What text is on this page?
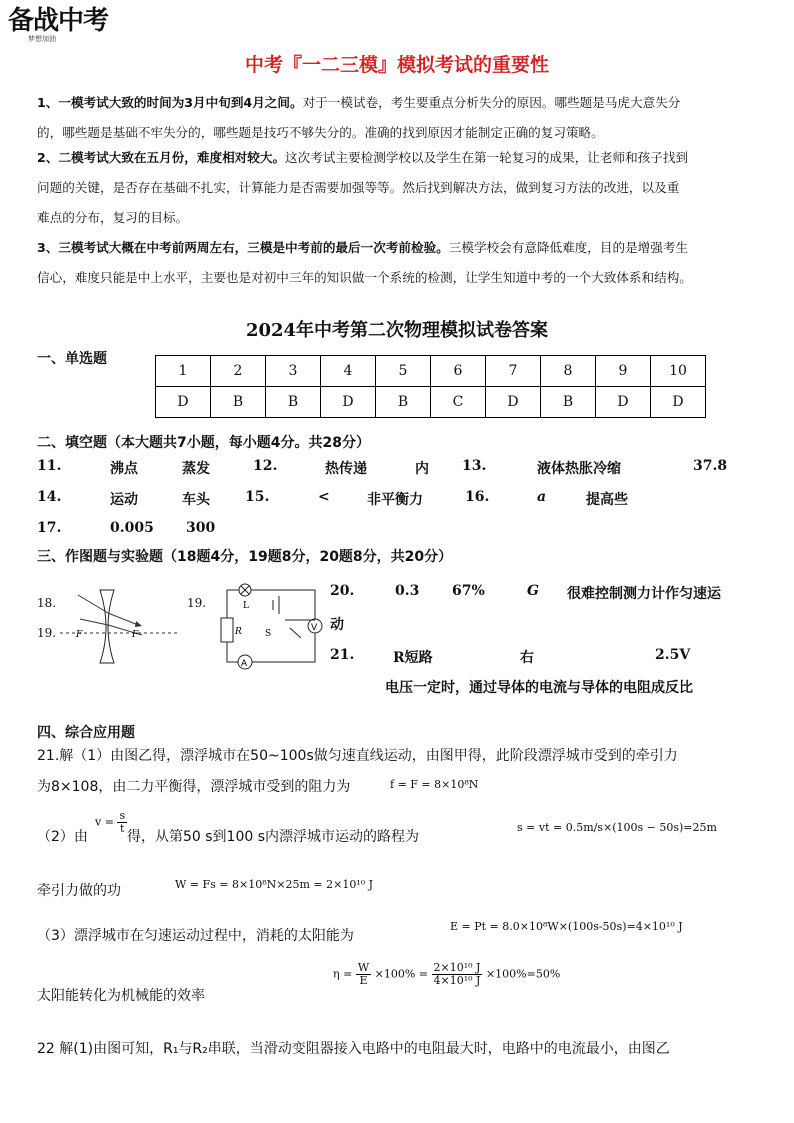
备战中考
梦想加油
中考『一二三模』模拟考试的重要性

1、一模考试大致的时间为3月中旬到4月之间。对于一模试卷，考生要重点分析失分的原因。哪些题是马虎大意失分

的，哪些题是基础不牢失分的，哪些题是技巧不够失分的。准确的找到原因才能制定正确的复习策略。

2、二模考试大致在五月份，难度相对较大。这次考试主要检测学校以及学生在第一轮复习的成果，让老师和孩子找到

问题的关键，是否存在基础不扎实，计算能力是否需要加强等等。然后找到解决方法，做到复习方法的改进，以及重

难点的分布，复习的目标。

3、三模考试大概在中考前两周左右，三模是中考前的最后一次考前检验。三模学校会有意降低难度，目的是增强考生

信心，难度只能是中上水平，主要也是对初中三年的知识做一个系统的检测，让学生知道中考的一个大致体系和结构。

2024年中考第二次物理模拟试卷答案
一、单选题
1	2	3	4	5	6	7	8	9	10
D	B	B	D	B	C	D	B	D	D
二、填空题（本大题共7小题，每小题4分。共28分）
11.	沸点	蒸发	12.	热传递	内 13.	液体热胀冷缩	37.8
14.	运动	车头	15.	<	非平衡力	16.	a	提高些
17.	0.005 300
三、作图题与实验题（18题4分，19题8分，20题8分，共20分）
18.
19. F	F
19.	L
R	V
S
A
20.	0.3 67%	G 很难控制测力计作匀速运
动
21.	R短路	右	2.5V
电压一定时，通过导体的电流与导体的电阻成反比
四、综合应用题
21.解（1）由图乙得，漂浮城市在50~100s做匀速直线运动，由图甲得，此阶段漂浮城市受到的牵引力
为8×108，由二力平衡得，漂浮城市受到的阻力为	f = F = 8×10⁸N
（2）由
$v = \frac{s}{t}$
得，从第50 s到100 s内漂浮城市运动的路程为
s = vt = 0.5m/s×(100s − 50s)=25m
牵引力做的功	W = Fs = 8×10⁸N×25m = 2×10¹⁰ J
（3）漂浮城市在匀速运动过程中，消耗的太阳能为
E = Pt = 8.0×10⁸W×(100s-50s)=4×10¹⁰ J
太阳能转化为机械能的效率
$\eta = \frac{W}{E} \times 100\% = \frac{\text{2×10¹⁰ J}}{\text{4×10¹⁰ J}} \times 100\%=50\%$
22 解(1)由图可知，R₁与R₂串联，当滑动变阻器接入电路中的电阻最大时，电路中的电流最小，由图乙
